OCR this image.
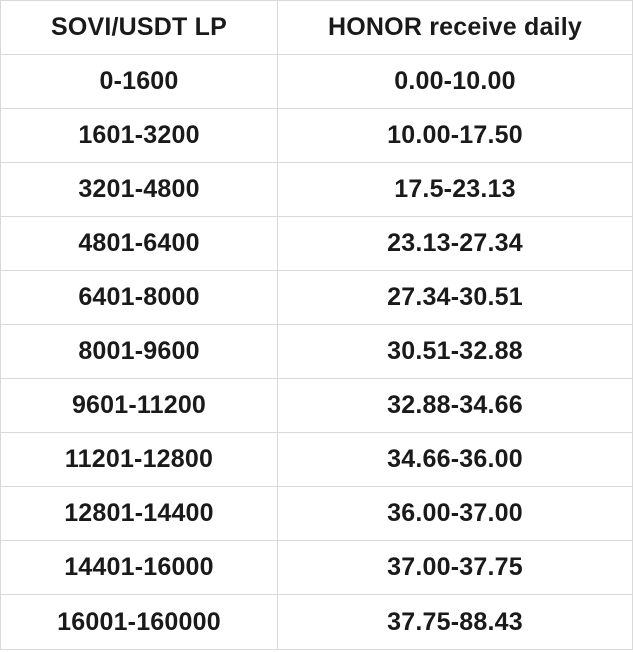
SOVI/USDT LP	HONOR receive daily
0-1600	0.00-10.00
1601-3200	10.00-17.50
3201-4800	17.5-23.13
4801-6400	23.13-27.34
6401-8000	27.34-30.51
8001-9600	30.51-32.88
9601-11200	32.88-34.66
11201-12800	34.66-36.00
12801-14400	36.00-37.00
14401-16000	37.00-37.75
16001-160000	37.75-88.43
